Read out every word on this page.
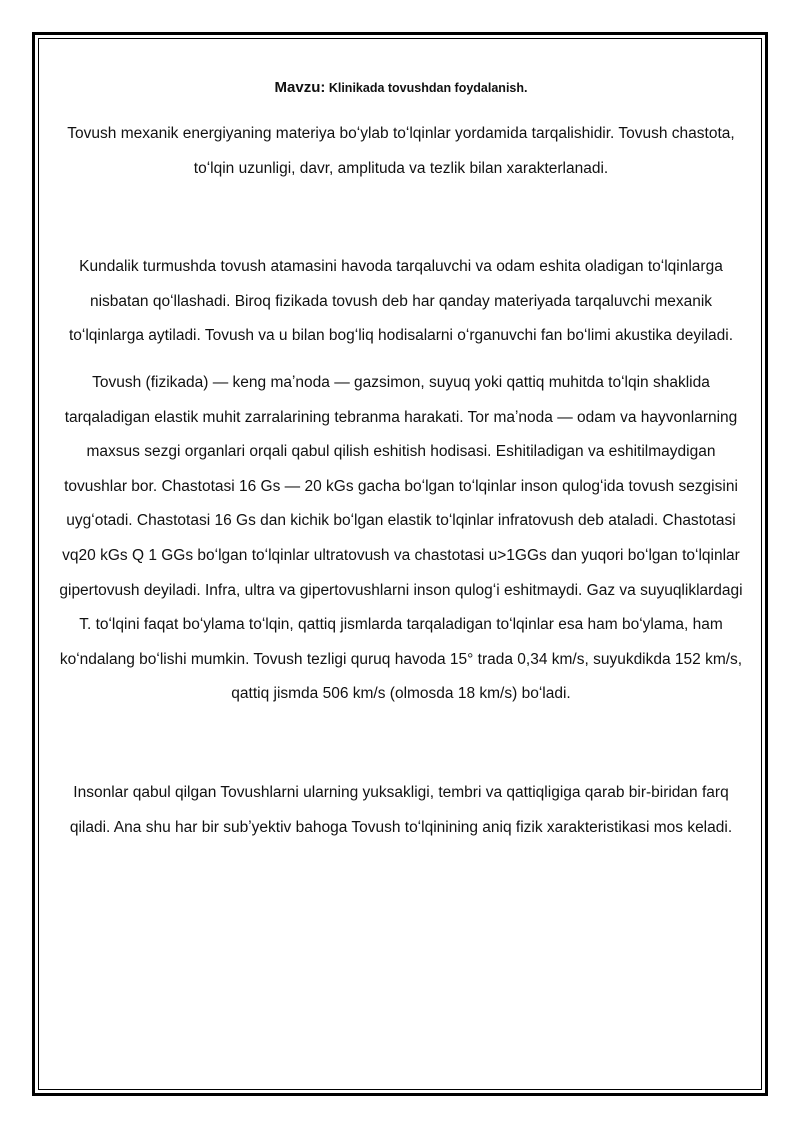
Mavzu: Klinikada tovushdan foydalanish.

Tovush mexanik energiyaning materiya boʻylab toʻlqinlar yordamida tarqalishidir. Tovush chastota, toʻlqin uzunligi, davr, amplituda va tezlik bilan xarakterlanadi.

Kundalik turmushda tovush atamasini havoda tarqaluvchi va odam eshita oladigan toʻlqinlarga nisbatan qoʻllashadi. Biroq fizikada tovush deb har qanday materiyada tarqaluvchi mexanik toʻlqinlarga aytiladi. Tovush va u bilan bogʻliq hodisalarni oʻrganuvchi fan boʻlimi akustika deyiladi.

Tovush (fizikada) — keng maʼnoda — gazsimon, suyuq yoki qattiq muhitda toʻlqin shaklida tarqaladigan elastik muhit zarralarining tebranma harakati. Tor maʼnoda — odam va hayvonlarning maxsus sezgi organlari orqali qabul qilish eshitish hodisasi. Eshitiladigan va eshitilmaydigan tovushlar bor. Chastotasi 16 Gs — 20 kGs gacha boʻlgan toʻlqinlar inson qulogʻida tovush sezgisini uygʻotadi. Chastotasi 16 Gs dan kichik boʻlgan elastik toʻlqinlar infratovush deb ataladi. Chastotasi vq20 kGs Q 1 GGs boʻlgan toʻlqinlar ultratovush va chastotasi u>1GGs dan yuqori boʻlgan toʻlqinlar gipertovush deyiladi. Infra, ultra va gipertovushlarni inson qulogʻi eshitmaydi. Gaz va suyuqliklardagi T. toʻlqini faqat boʻylama toʻlqin, qattiq jismlarda tarqaladigan toʻlqinlar esa ham boʻylama, ham koʻndalang boʻlishi mumkin. Tovush tezligi quruq havoda 15° trada 0,34 km/s, suyukdikda 152 km/s, qattiq jismda 506 km/s (olmosda 18 km/s) boʻladi.

Insonlar qabul qilgan Tovushlarni ularning yuksakligi, tembri va qattiqligiga qarab bir-biridan farq qiladi. Ana shu har bir subʼyektiv bahoga Tovush toʻlqinining aniq fizik xarakteristikasi mos keladi.
